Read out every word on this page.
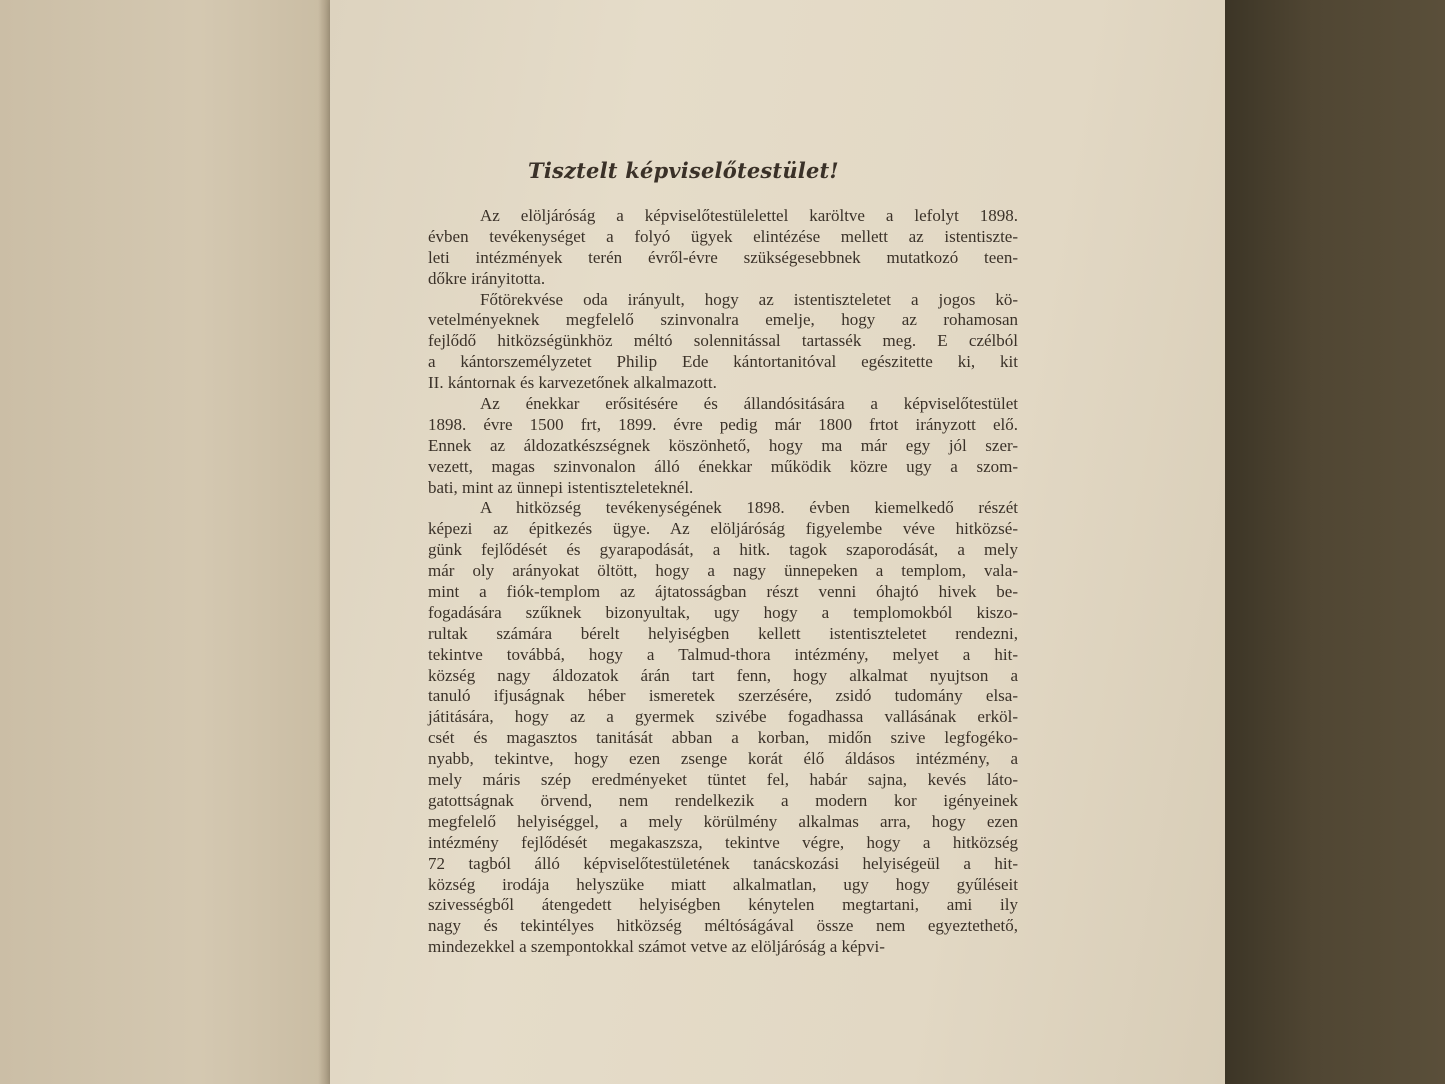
Tisztelt képviselőtestület!
Az elöljáróság a képviselőtestülelettel karöltve a lefolyt 1898.
évben tevékenységet a folyó ügyek elintézése mellett az istentiszte-
leti intézmények terén évről-évre szükségesebbnek mutatkozó teen-
dőkre irányitotta.
Főtörekvése oda irányult, hogy az istentiszteletet a jogos kö-
vetelményeknek megfelelő szinvonalra emelje, hogy az rohamosan
fejlődő hitközségünkhöz méltó solennitással tartassék meg. E czélból
a kántorszemélyzetet Philip Ede kántortanitóval egészitette ki, kit
II. kántornak és karvezetőnek alkalmazott.
Az énekkar erősitésére és állandósitására a képviselőtestület
1898. évre 1500 frt, 1899. évre pedig már 1800 frtot irányzott elő.
Ennek az áldozatkészségnek köszönhető, hogy ma már egy jól szer-
vezett, magas szinvonalon álló énekkar működik közre ugy a szom-
bati, mint az ünnepi istentiszteleteknél.
A hitközség tevékenységének 1898. évben kiemelkedő részét
képezi az épitkezés ügye. Az elöljáróság figyelembe véve hitközsé-
günk fejlődését és gyarapodását, a hitk. tagok szaporodását, a mely
már oly arányokat öltött, hogy a nagy ünnepeken a templom, vala-
mint a fiók-templom az ájtatosságban részt venni óhajtó hivek be-
fogadására szűknek bizonyultak, ugy hogy a templomokból kiszo-
rultak számára bérelt helyiségben kellett istentiszteletet rendezni,
tekintve továbbá, hogy a Talmud-thora intézmény, melyet a hit-
község nagy áldozatok árán tart fenn, hogy alkalmat nyujtson a
tanuló ifjuságnak héber ismeretek szerzésére, zsidó tudomány elsa-
játitására, hogy az a gyermek szivébe fogadhassa vallásának erköl-
csét és magasztos tanitását abban a korban, midőn szive legfogéko-
nyabb, tekintve, hogy ezen zsenge korát élő áldásos intézmény, a
mely máris szép eredményeket tüntet fel, habár sajna, kevés láto-
gatottságnak örvend, nem rendelkezik a modern kor igényeinek
megfelelő helyiséggel, a mely körülmény alkalmas arra, hogy ezen
intézmény fejlődését megakaszsza, tekintve végre, hogy a hitközség
72 tagból álló képviselőtestületének tanácskozási helyiségeül a hit-
község irodája helyszüke miatt alkalmatlan, ugy hogy gyűléseit
szivességből átengedett helyiségben kénytelen megtartani, ami ily
nagy és tekintélyes hitközség méltóságával össze nem egyeztethető,
mindezekkel a szempontokkal számot vetve az elöljáróság a képvi-
